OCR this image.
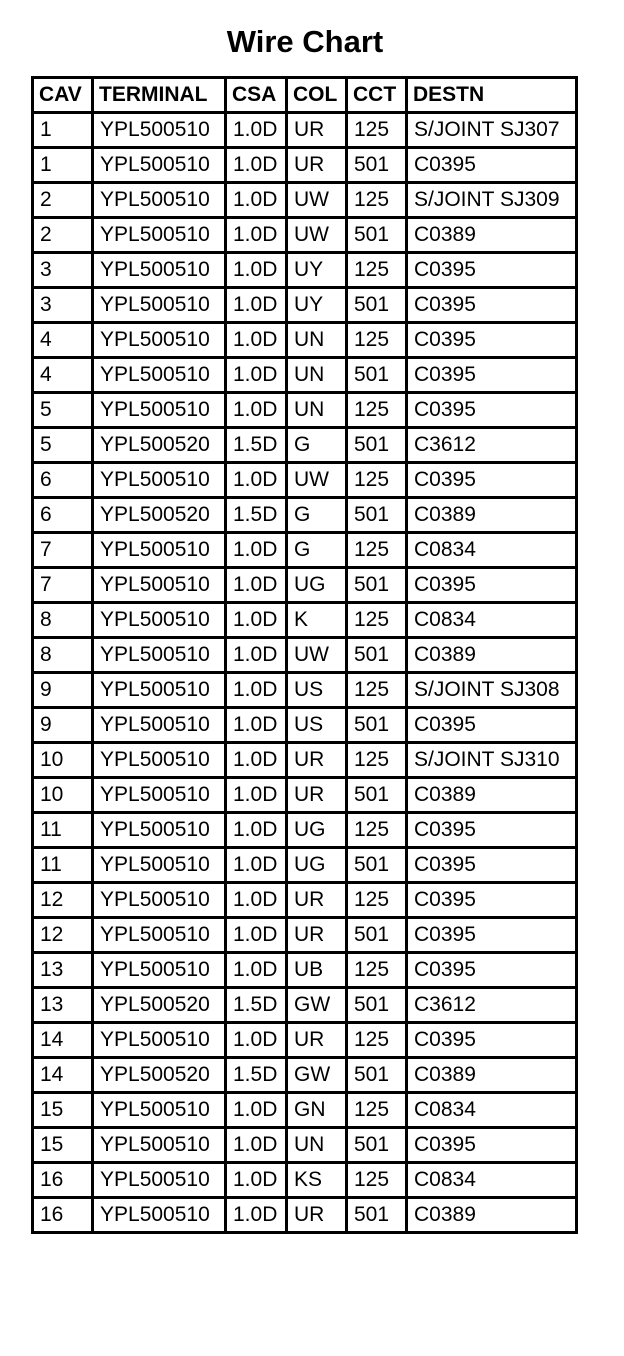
Wire Chart
CAV	TERMINAL	CSA	COL	CCT	DESTN
1	YPL500510	1.0D	UR	125	S/JOINT SJ307
1	YPL500510	1.0D	UR	501	C0395
2	YPL500510	1.0D	UW	125	S/JOINT SJ309
2	YPL500510	1.0D	UW	501	C0389
3	YPL500510	1.0D	UY	125	C0395
3	YPL500510	1.0D	UY	501	C0395
4	YPL500510	1.0D	UN	125	C0395
4	YPL500510	1.0D	UN	501	C0395
5	YPL500510	1.0D	UN	125	C0395
5	YPL500520	1.5D	G	501	C3612
6	YPL500510	1.0D	UW	125	C0395
6	YPL500520	1.5D	G	501	C0389
7	YPL500510	1.0D	G	125	C0834
7	YPL500510	1.0D	UG	501	C0395
8	YPL500510	1.0D	K	125	C0834
8	YPL500510	1.0D	UW	501	C0389
9	YPL500510	1.0D	US	125	S/JOINT SJ308
9	YPL500510	1.0D	US	501	C0395
10	YPL500510	1.0D	UR	125	S/JOINT SJ310
10	YPL500510	1.0D	UR	501	C0389
11	YPL500510	1.0D	UG	125	C0395
11	YPL500510	1.0D	UG	501	C0395
12	YPL500510	1.0D	UR	125	C0395
12	YPL500510	1.0D	UR	501	C0395
13	YPL500510	1.0D	UB	125	C0395
13	YPL500520	1.5D	GW	501	C3612
14	YPL500510	1.0D	UR	125	C0395
14	YPL500520	1.5D	GW	501	C0389
15	YPL500510	1.0D	GN	125	C0834
15	YPL500510	1.0D	UN	501	C0395
16	YPL500510	1.0D	KS	125	C0834
16	YPL500510	1.0D	UR	501	C0389
